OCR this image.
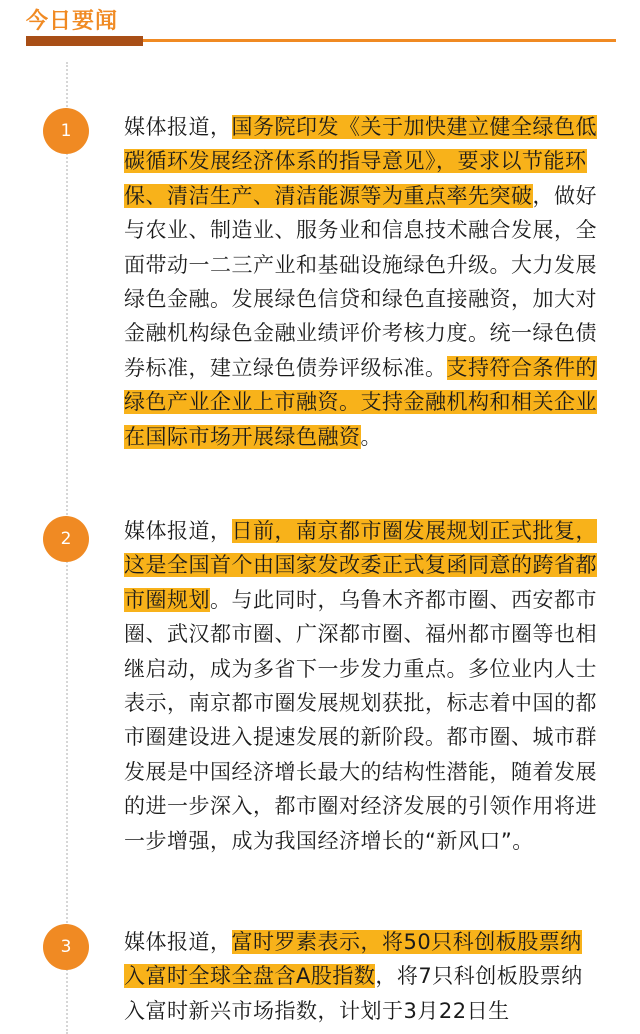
今日要闻
1	媒体报道，国务院印发《关于加快建立健全绿色低碳循环发展经济体系的指导意见》，要求以节能环保、清洁生产、清洁能源等为重点率先突破，做好与农业、制造业、服务业和信息技术融合发展，全面带动一二三产业和基础设施绿色升级。大力发展绿色金融。发展绿色信贷和绿色直接融资，加大对金融机构绿色金融业绩评价考核力度。统一绿色债券标准，建立绿色债券评级标准。支持符合条件的绿色产业企业上市融资。支持金融机构和相关企业在国际市场开展绿色融资。

2	媒体报道，日前，南京都市圈发展规划正式批复，这是全国首个由国家发改委正式复函同意的跨省都市圈规划。与此同时，乌鲁木齐都市圈、西安都市圈、武汉都市圈、广深都市圈、福州都市圈等也相继启动，成为多省下一步发力重点。多位业内人士表示，南京都市圈发展规划获批，标志着中国的都市圈建设进入提速发展的新阶段。都市圈、城市群发展是中国经济增长最大的结构性潜能，随着发展的进一步深入，都市圈对经济发展的引领作用将进一步增强，成为我国经济增长的“新风口”。

3	媒体报道，富时罗素表示，将50只科创板股票纳入富时全球全盘含A股指数，将7只科创板股票纳入富时新兴市场指数，计划于3月22日生
